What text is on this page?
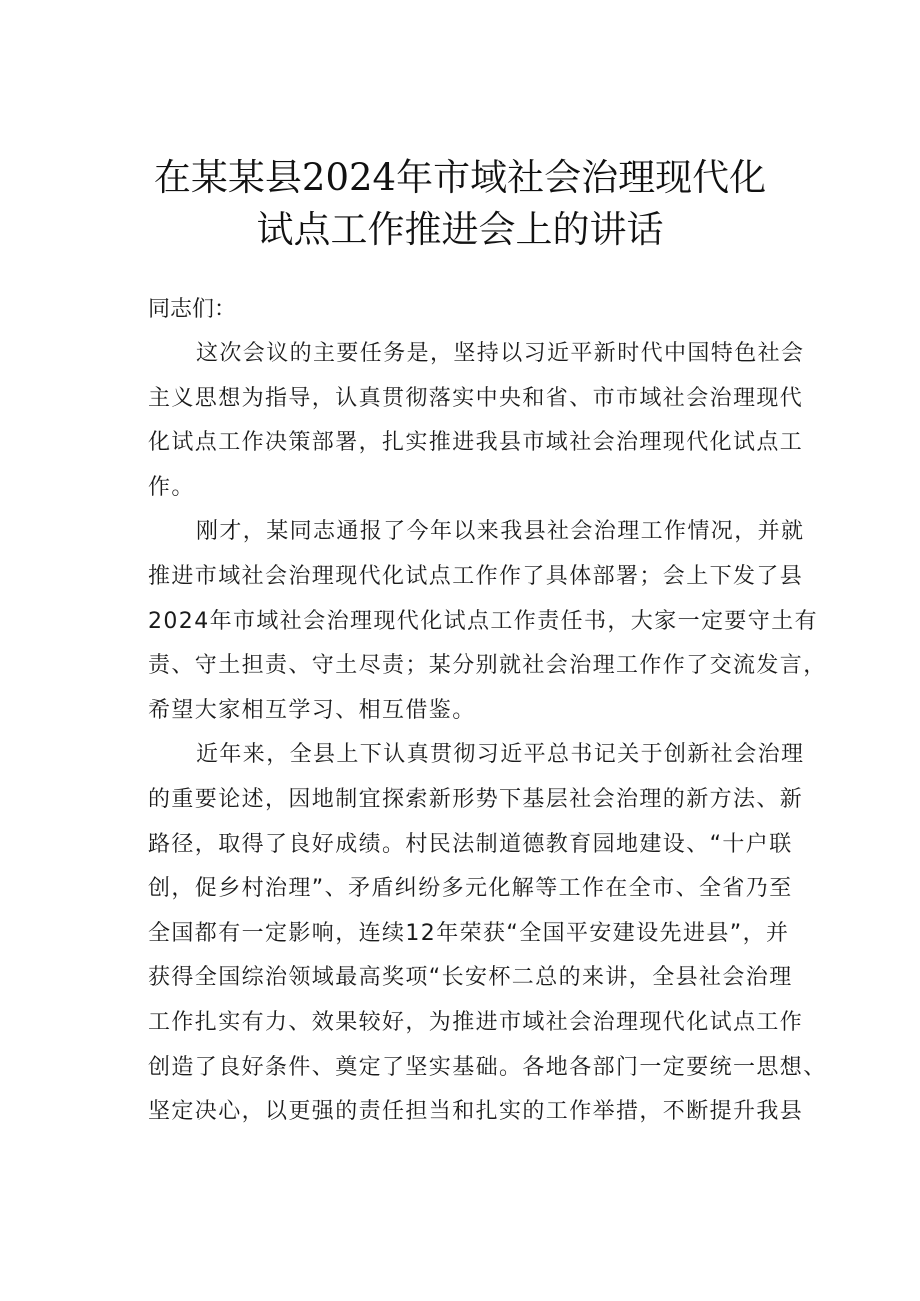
在某某县2024年市域社会治理现代化
试点工作推进会上的讲话
同志们：
这次会议的主要任务是，坚持以习近平新时代中国特色社会
主义思想为指导，认真贯彻落实中央和省、市市域社会治理现代
化试点工作决策部署，扎实推进我县市域社会治理现代化试点工
作。
刚才，某同志通报了今年以来我县社会治理工作情况，并就
推进市域社会治理现代化试点工作作了具体部署；会上下发了县
2024年市域社会治理现代化试点工作责任书，大家一定要守土有
责、守土担责、守土尽责；某分别就社会治理工作作了交流发言，
希望大家相互学习、相互借鉴。
近年来，全县上下认真贯彻习近平总书记关于创新社会治理
的重要论述，因地制宜探索新形势下基层社会治理的新方法、新
路径，取得了良好成绩。村民法制道德教育园地建设、“十户联
创，促乡村治理”、矛盾纠纷多元化解等工作在全市、全省乃至
全国都有一定影响，连续12年荣获“全国平安建设先进县”，并
获得全国综治领域最高奖项“长安杯二总的来讲，全县社会治理
工作扎实有力、效果较好，为推进市域社会治理现代化试点工作
创造了良好条件、奠定了坚实基础。各地各部门一定要统一思想、
坚定决心，以更强的责任担当和扎实的工作举措，不断提升我县
